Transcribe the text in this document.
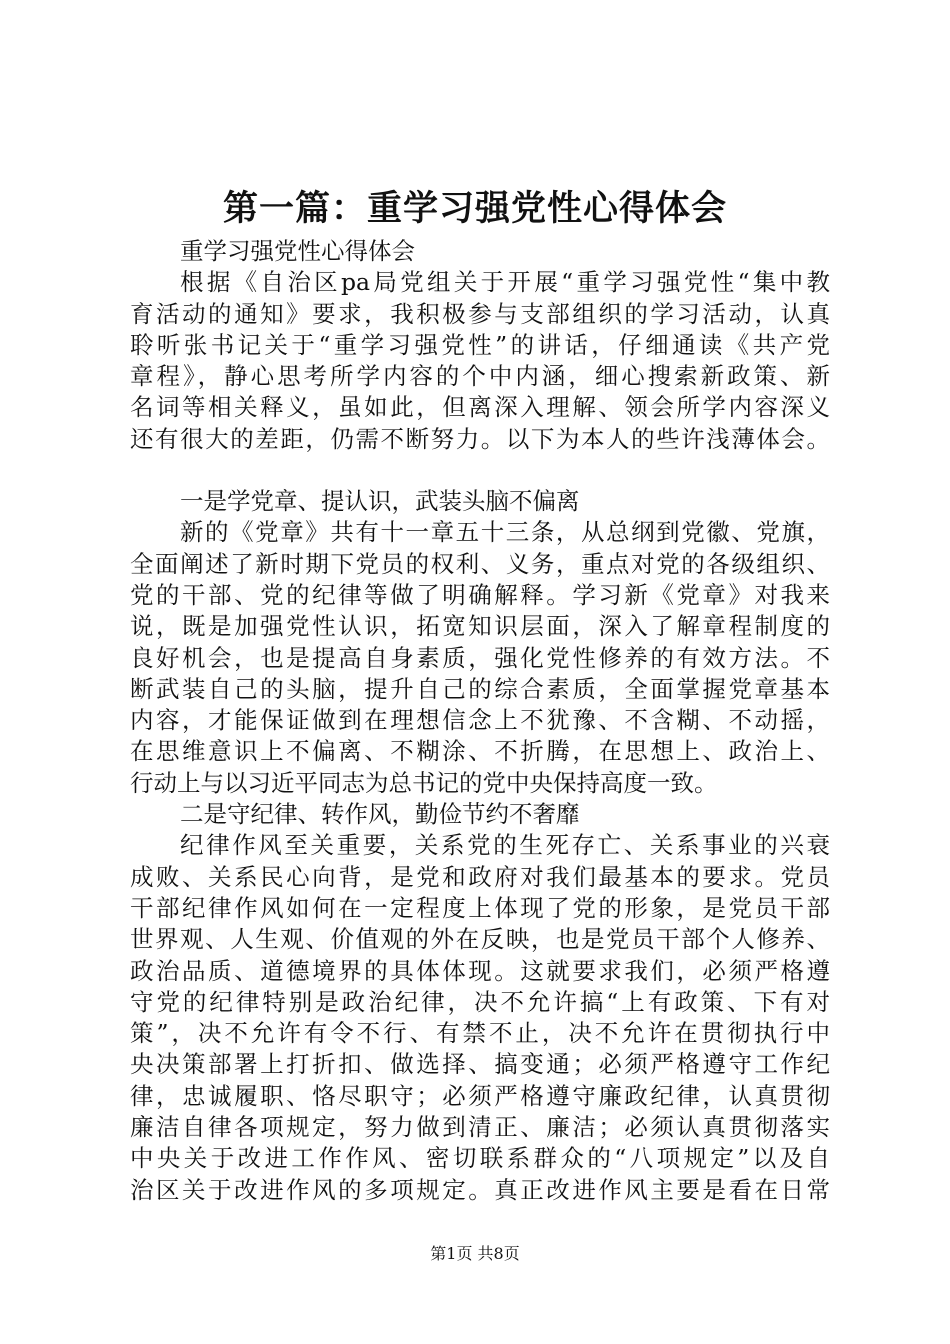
第一篇：重学习强党性心得体会
重学习强党性心得体会
根据《自治区pa局党组关于开展“重学习强党性“集中教
育活动的通知》要求，我积极参与支部组织的学习活动，认真
聆听张书记关于“重学习强党性”的讲话，仔细通读《共产党
章程》，静心思考所学内容的个中内涵，细心搜索新政策、新
名词等相关释义，虽如此，但离深入理解、领会所学内容深义
还有很大的差距，仍需不断努力。以下为本人的些许浅薄体会。
一是学党章、提认识，武装头脑不偏离
新的《党章》共有十一章五十三条，从总纲到党徽、党旗，
全面阐述了新时期下党员的权利、义务，重点对党的各级组织、
党的干部、党的纪律等做了明确解释。学习新《党章》对我来
说，既是加强党性认识，拓宽知识层面，深入了解章程制度的
良好机会，也是提高自身素质，强化党性修养的有效方法。不
断武装自己的头脑，提升自己的综合素质，全面掌握党章基本
内容，才能保证做到在理想信念上不犹豫、不含糊、不动摇，
在思维意识上不偏离、不糊涂、不折腾，在思想上、政治上、
行动上与以习近平同志为总书记的党中央保持高度一致。
二是守纪律、转作风，勤俭节约不奢靡
纪律作风至关重要，关系党的生死存亡、关系事业的兴衰
成败、关系民心向背，是党和政府对我们最基本的要求。党员
干部纪律作风如何在一定程度上体现了党的形象，是党员干部
世界观、人生观、价值观的外在反映，也是党员干部个人修养、
政治品质、道德境界的具体体现。这就要求我们，必须严格遵
守党的纪律特别是政治纪律，决不允许搞“上有政策、下有对
策”，决不允许有令不行、有禁不止，决不允许在贯彻执行中
央决策部署上打折扣、做选择、搞变通；必须严格遵守工作纪
律，忠诚履职、恪尽职守；必须严格遵守廉政纪律，认真贯彻
廉洁自律各项规定，努力做到清正、廉洁；必须认真贯彻落实
中央关于改进工作作风、密切联系群众的“八项规定”以及自
治区关于改进作风的多项规定。真正改进作风主要是看在日常
第1页 共8页
